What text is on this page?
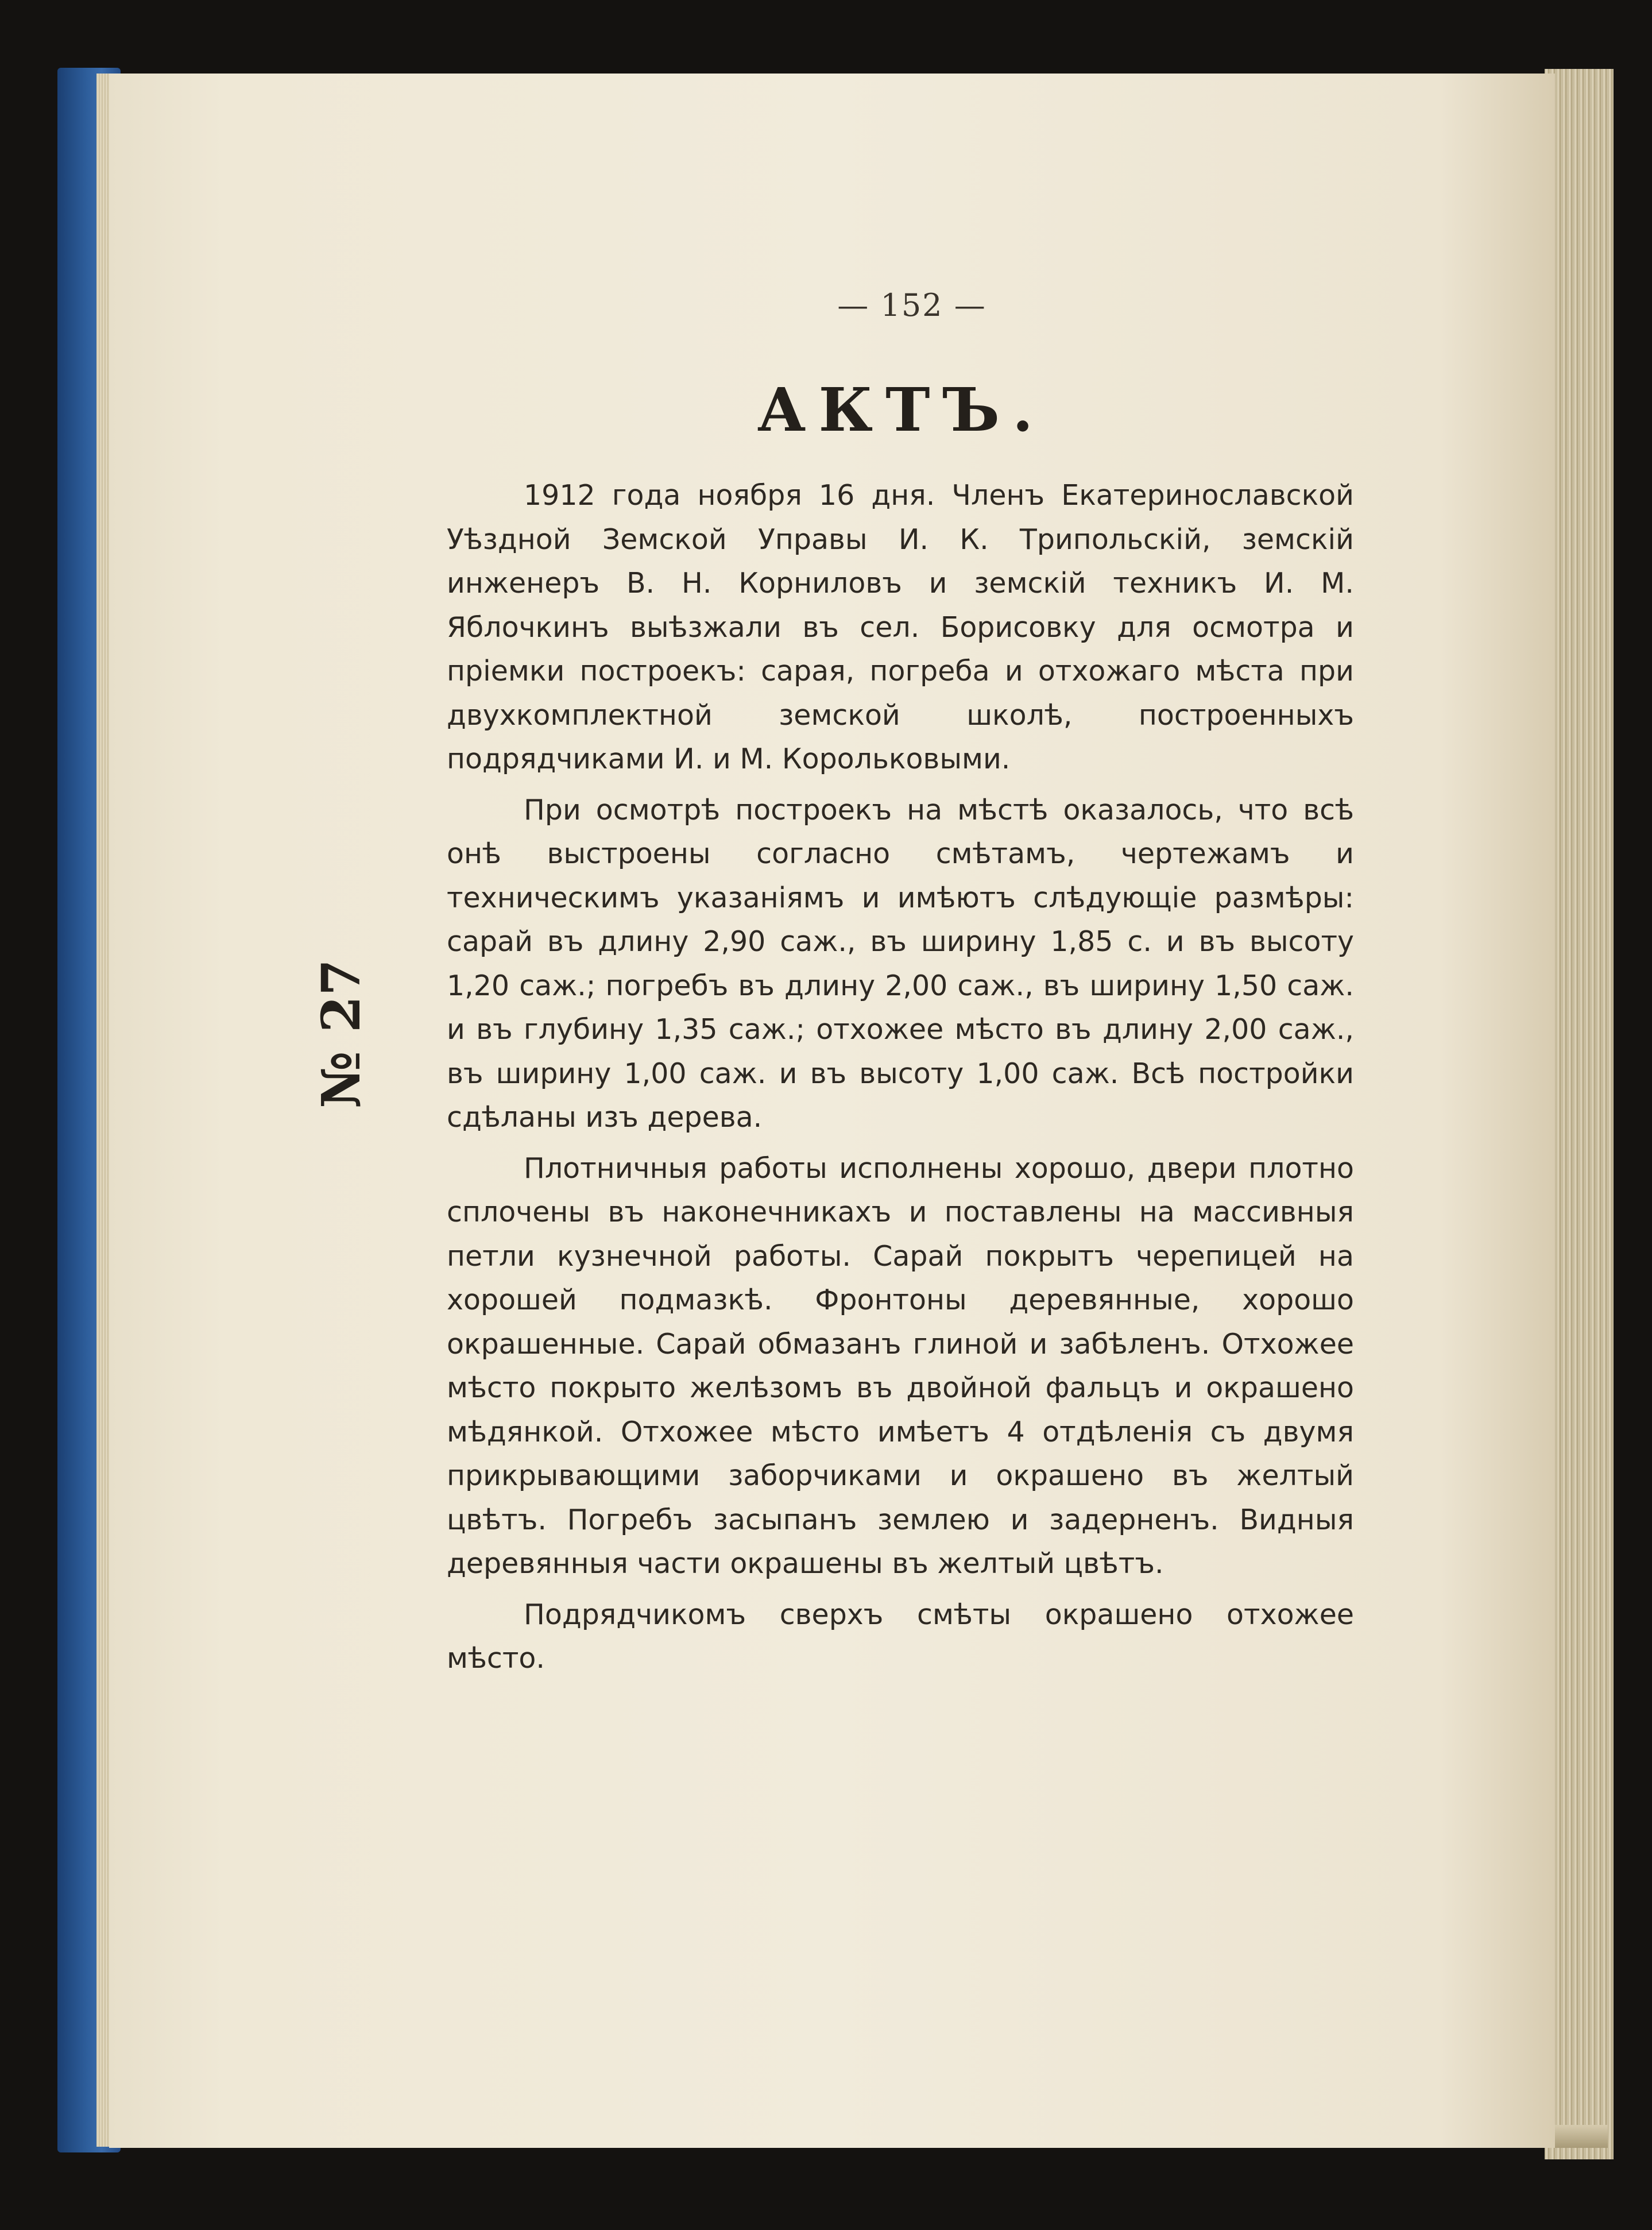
— 152 —
АКТЪ.
№ 27

1912 года ноября 16 дня. Членъ Екатеринославской Уѣздной Земской Управы И. К. Трипольскій, земскій инженеръ В. Н. Корниловъ и земскій техникъ И. М. Яблочкинъ выѣзжали въ сел. Борисовку для осмотра и пріемки построекъ: сарая, погреба и отхожаго мѣста при двухкомплектной земской школѣ, построенныхъ подрядчиками И. и М. Корольковыми.

При осмотрѣ построекъ на мѣстѣ оказалось, что всѣ онѣ выстроены согласно смѣтамъ, чертежамъ и техническимъ указаніямъ и имѣютъ слѣдующіе размѣры: сарай въ длину 2,90 саж., въ ширину 1,85 с. и въ высоту 1,20 саж.; погребъ въ длину 2,00 саж., въ ширину 1,50 саж. и въ глубину 1,35 саж.; отхожее мѣсто въ длину 2,00 саж., въ ширину 1,00 саж. и въ высоту 1,00 саж. Всѣ постройки сдѣланы изъ дерева.

Плотничныя работы исполнены хорошо, двери плотно сплочены въ наконечникахъ и поставлены на массивныя петли кузнечной работы. Сарай покрытъ черепицей на хорошей подмазкѣ. Фронтоны деревянные, хорошо окрашенные. Сарай обмазанъ глиной и забѣленъ. Отхожее мѣсто покрыто желѣзомъ въ двойной фальцъ и окрашено мѣдянкой. Отхожее мѣсто имѣетъ 4 отдѣленія съ двумя прикрывающими заборчиками и окрашено въ желтый цвѣтъ. Погребъ засыпанъ землею и задерненъ. Видныя деревянныя части окрашены въ желтый цвѣтъ.

Подрядчикомъ сверхъ смѣты окрашено отхожее мѣсто.
